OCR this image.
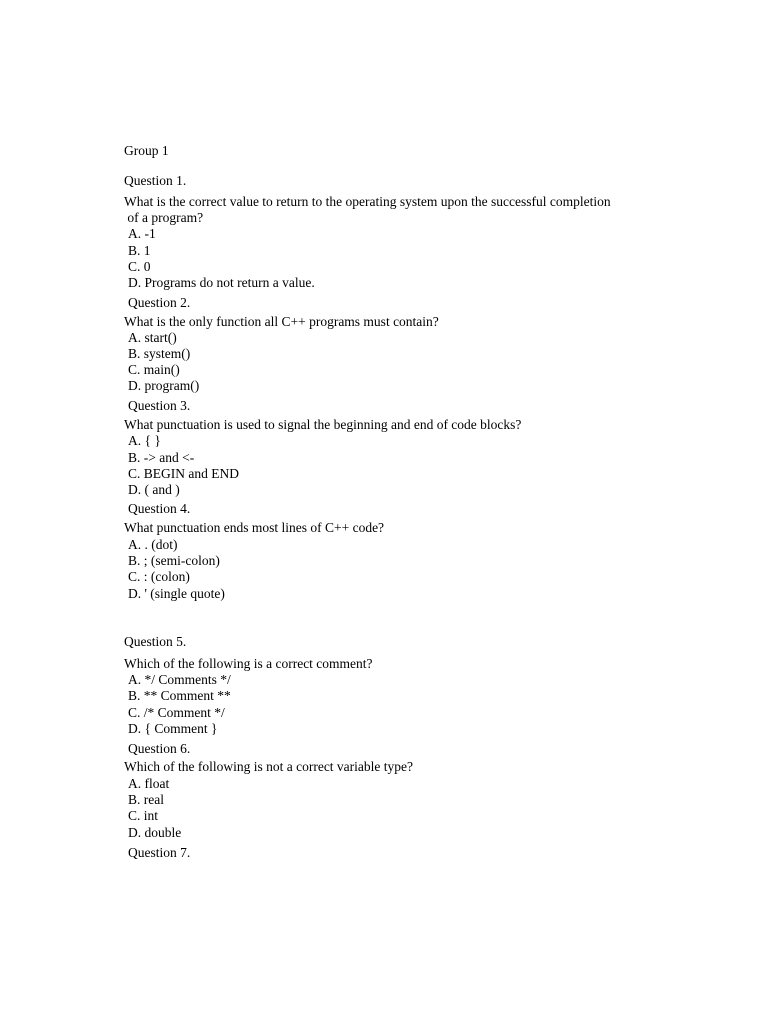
Group 1
Question 1.
What is the correct value to return to the operating system upon the successful completion
of a program?
A. -1
B. 1
C. 0
D. Programs do not return a value.
Question 2.
What is the only function all C++ programs must contain?
A. start()
B. system()
C. main()
D. program()
Question 3.
What punctuation is used to signal the beginning and end of code blocks?
A. { }
B. -> and <-
C. BEGIN and END
D. ( and )
Question 4.
What punctuation ends most lines of C++ code?
A. . (dot)
B. ; (semi-colon)
C. : (colon)
D. ' (single quote)
Question 5.
Which of the following is a correct comment?
A. */ Comments */
B. ** Comment **
C. /* Comment */
D. { Comment }
Question 6.
Which of the following is not a correct variable type?
A. float
B. real
C. int
D. double
Question 7.
